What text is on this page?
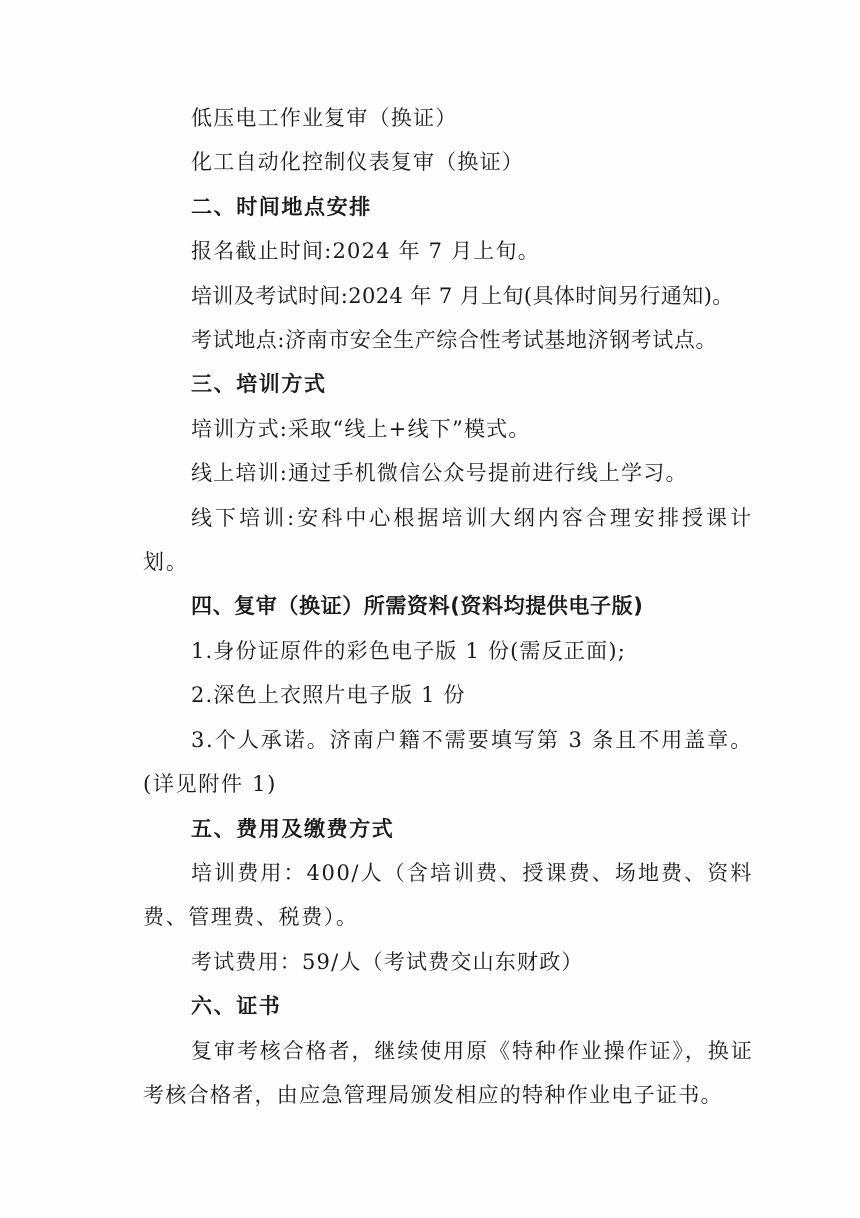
低压电工作业复审（换证）
化工自动化控制仪表复审（换证）
二、时间地点安排
报名截止时间:2024 年 7 月上旬。
培训及考试时间:2024 年 7 月上旬(具体时间另行通知)。
考试地点:济南市安全生产综合性考试基地济钢考试点。
三、培训方式
培训方式:采取“线上+线下”模式。
线上培训:通过手机微信公众号提前进行线上学习。
线下培训:安科中心根据培训大纲内容合理安排授课计划。
四、复审（换证）所需资料(资料均提供电子版)
1.身份证原件的彩色电子版 1 份(需反正面);
2.深色上衣照片电子版 1 份
3.个人承诺。济南户籍不需要填写第 3 条且不用盖章。(详见附件 1)
五、费用及缴费方式
培训费用：400/人（含培训费、授课费、场地费、资料费、管理费、税费）。
考试费用：59/人（考试费交山东财政）
六、证书
复审考核合格者，继续使用原《特种作业操作证》，换证考核合格者，由应急管理局颁发相应的特种作业电子证书。
